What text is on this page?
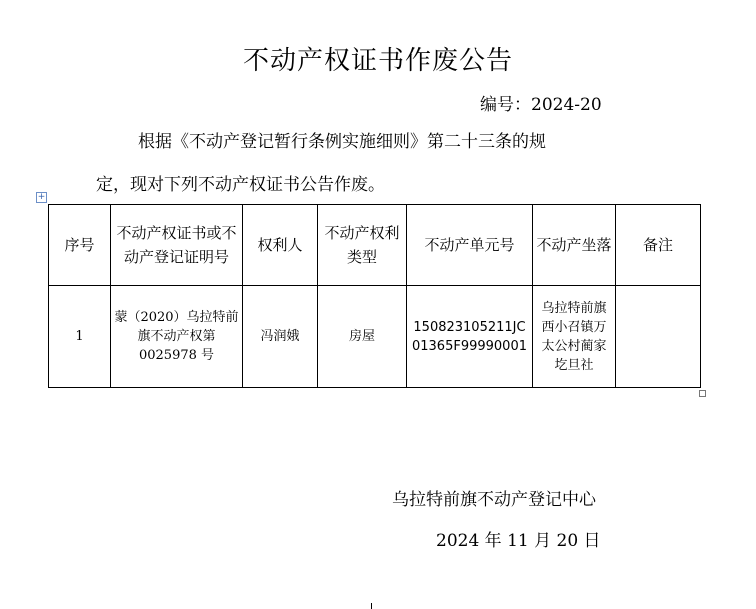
不动产权证书作废公告
编号：2024-20
根据《不动产登记暂行条例实施细则》第二十三条的规
定，现对下列不动产权证书公告作废。
+
序号	不动产权证书或不动产登记证明号	权利人	不动产权利类型	不动产单元号	不动产坐落	备注
1	蒙（2020）乌拉特前旗不动产权第 0025978 号	冯润娥	房屋	150823105211JC01365F99990001	乌拉特前旗西小召镇万太公村蔺家圪旦社	
乌拉特前旗不动产登记中心
2024 年 11 月 20 日
